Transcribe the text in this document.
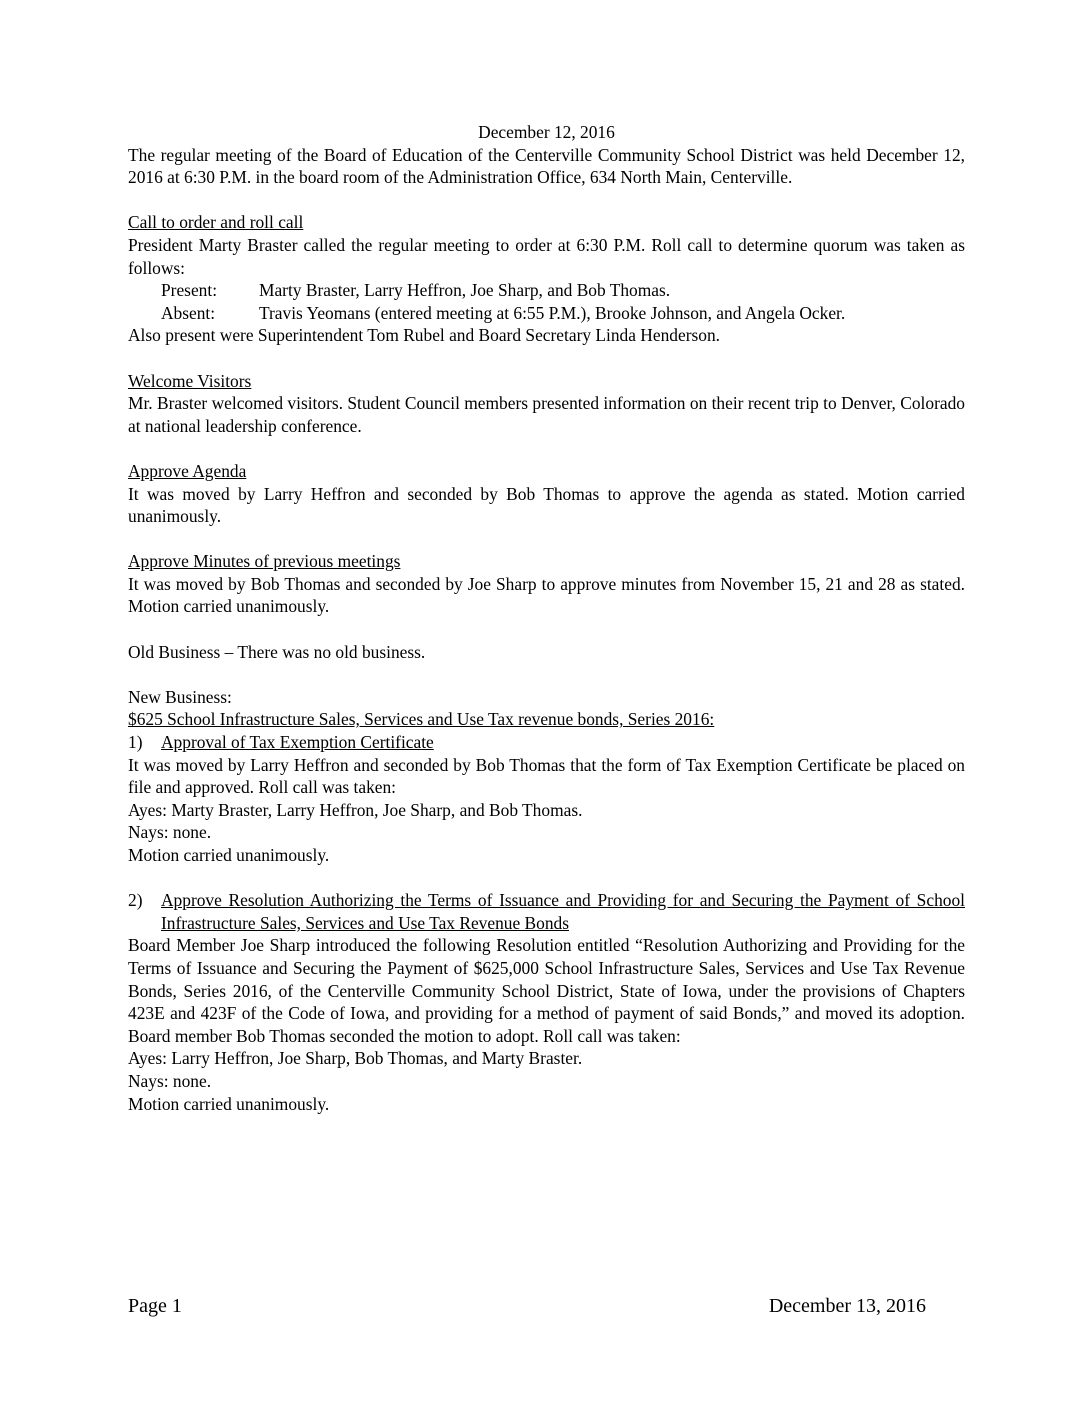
December 12, 2016

The regular meeting of the Board of Education of the Centerville Community School District was held December 12, 2016 at 6:30 P.M. in the board room of the Administration Office, 634 North Main, Centerville.

Call to order and roll call

President Marty Braster called the regular meeting to order at 6:30 P.M. Roll call to determine quorum was taken as follows:

Present:	Marty Braster, Larry Heffron, Joe Sharp, and Bob Thomas.
Absent:	Travis Yeomans (entered meeting at 6:55 P.M.), Brooke Johnson, and Angela Ocker.

Also present were Superintendent Tom Rubel and Board Secretary Linda Henderson.

Welcome Visitors

Mr. Braster welcomed visitors. Student Council members presented information on their recent trip to Denver, Colorado at national leadership conference.

Approve Agenda

It was moved by Larry Heffron and seconded by Bob Thomas to approve the agenda as stated. Motion carried unanimously.

Approve Minutes of previous meetings

It was moved by Bob Thomas and seconded by Joe Sharp to approve minutes from November 15, 21 and 28 as stated. Motion carried unanimously.

Old Business – There was no old business.

New Business:

$625 School Infrastructure Sales, Services and Use Tax revenue bonds, Series 2016:

1)	Approval of Tax Exemption Certificate

It was moved by Larry Heffron and seconded by Bob Thomas that the form of Tax Exemption Certificate be placed on file and approved. Roll call was taken:

Ayes: Marty Braster, Larry Heffron, Joe Sharp, and Bob Thomas.

Nays: none.

Motion carried unanimously.

2)	Approve Resolution Authorizing the Terms of Issuance and Providing for and Securing the Payment of School Infrastructure Sales, Services and Use Tax Revenue Bonds

Board Member Joe Sharp introduced the following Resolution entitled “Resolution Authorizing and Providing for the Terms of Issuance and Securing the Payment of $625,000 School Infrastructure Sales, Services and Use Tax Revenue Bonds, Series 2016, of the Centerville Community School District, State of Iowa, under the provisions of Chapters 423E and 423F of the Code of Iowa, and providing for a method of payment of said Bonds,” and moved its adoption. Board member Bob Thomas seconded the motion to adopt. Roll call was taken:

Ayes: Larry Heffron, Joe Sharp, Bob Thomas, and Marty Braster.

Nays: none.

Motion carried unanimously.

Page 1	December 13, 2016
